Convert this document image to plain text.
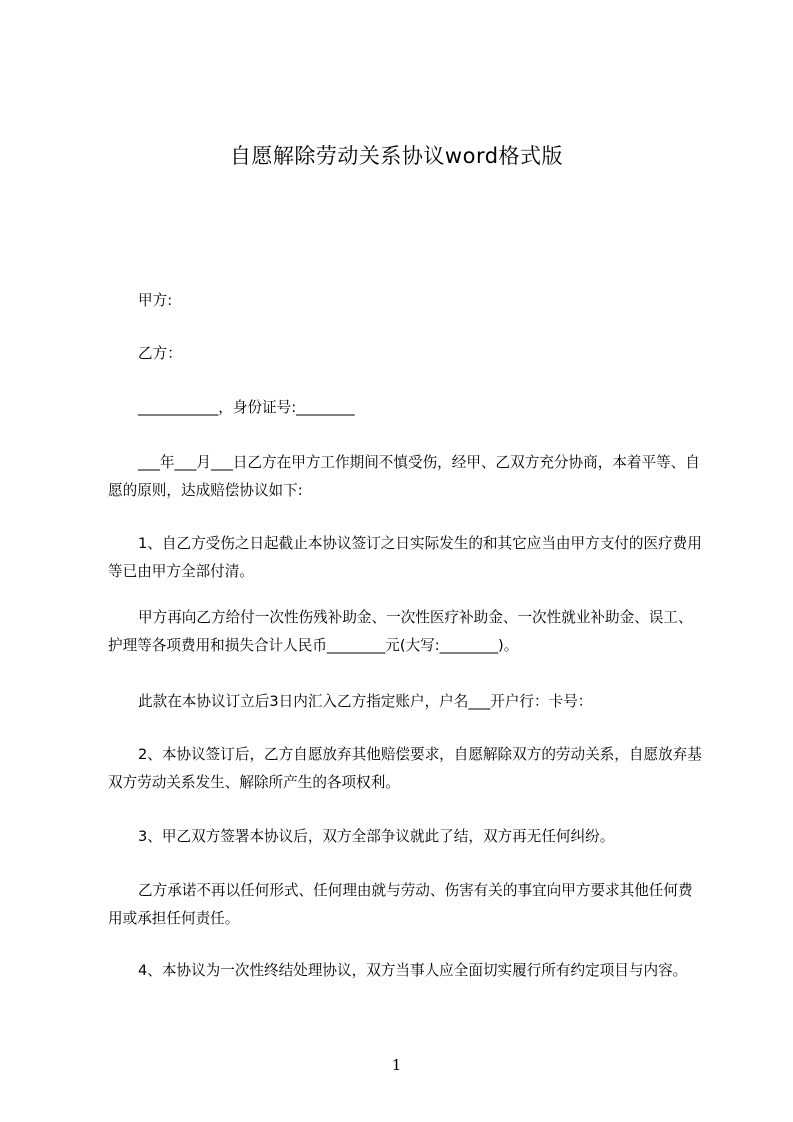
自愿解除劳动关系协议word格式版
甲方:
乙方：
___________，身份证号:________
___年___月___日乙方在甲方工作期间不慎受伤，经甲、乙双方充分协商，本着平等、自愿的原则，达成赔偿协议如下:
1、自乙方受伤之日起截止本协议签订之日实际发生的和其它应当由甲方支付的医疗费用等已由甲方全部付清。
甲方再向乙方给付一次性伤残补助金、一次性医疗补助金、一次性就业补助金、误工、护理等各项费用和损失合计人民币________元(大写:________)。
此款在本协议订立后3日内汇入乙方指定账户，户名___开户行：卡号：
2、本协议签订后，乙方自愿放弃其他赔偿要求，自愿解除双方的劳动关系，自愿放弃基双方劳动关系发生、解除所产生的各项权利。
3、甲乙双方签署本协议后，双方全部争议就此了结，双方再无任何纠纷。
乙方承诺不再以任何形式、任何理由就与劳动、伤害有关的事宜向甲方要求其他任何费用或承担任何责任。
4、本协议为一次性终结处理协议，双方当事人应全面切实履行所有约定项目与内容。
1
